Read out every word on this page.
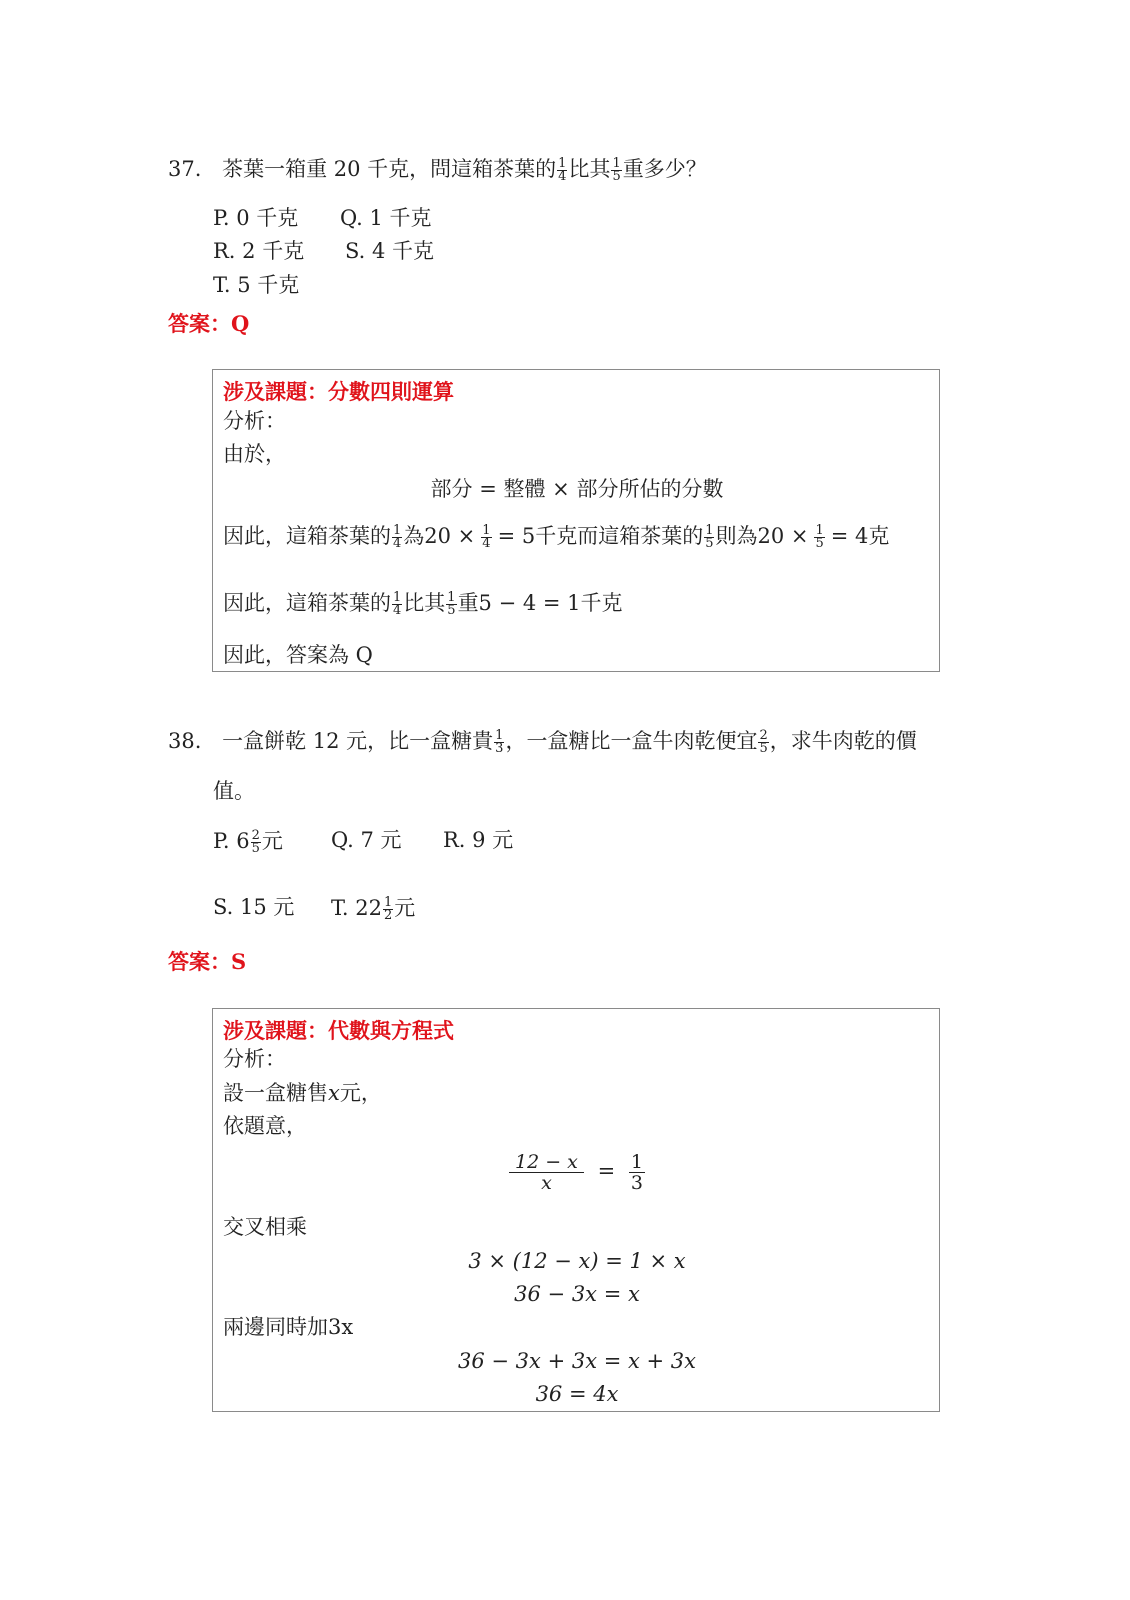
37. 茶葉一箱重 20 千克，問這箱茶葉的 $\frac{1}{4}$ 比其 $\frac{1}{5}$ 重多少？
P. 0 千克 Q. 1 千克
R. 2 千克 S. 4 千克
T. 5 千克
答案：Q
涉及課題：分數四則運算
分析：
由於，
部分 = 整體 × 部分所佔的分數
因此，這箱茶葉的 $\frac{1}{4}$ 為$20 \times \frac{1}{4} = 5$千克而這箱茶葉的 $\frac{1}{5}$ 則為$20 \times \frac{1}{5} = 4$克
因此，這箱茶葉的 $\frac{1}{4}$ 比其 $\frac{1}{5}$ 重5 − 4 = 1千克
因此，答案為 Q
38. 一盒餅乾 12 元，比一盒糖貴 $\frac{1}{3}$ ，一盒糖比一盒牛肉乾便宜 $\frac{2}{5}$ ，求牛肉乾的價
值。
P. $6 \frac{2}{5}$ 元 Q. 7 元 R. 9 元
S. 15 元 T. $22 \frac{1}{2}$ 元
答案：S
涉及課題：代數與方程式
分析：
設一盒糖售x元，
依題意，
$\frac{12 - x}{x} = \frac{1}{3}$
交叉相乘
3 × (12 − x) = 1 × x
36 − 3x = x
兩邊同時加3x
36 − 3x + 3x = x + 3x
36 = 4x
